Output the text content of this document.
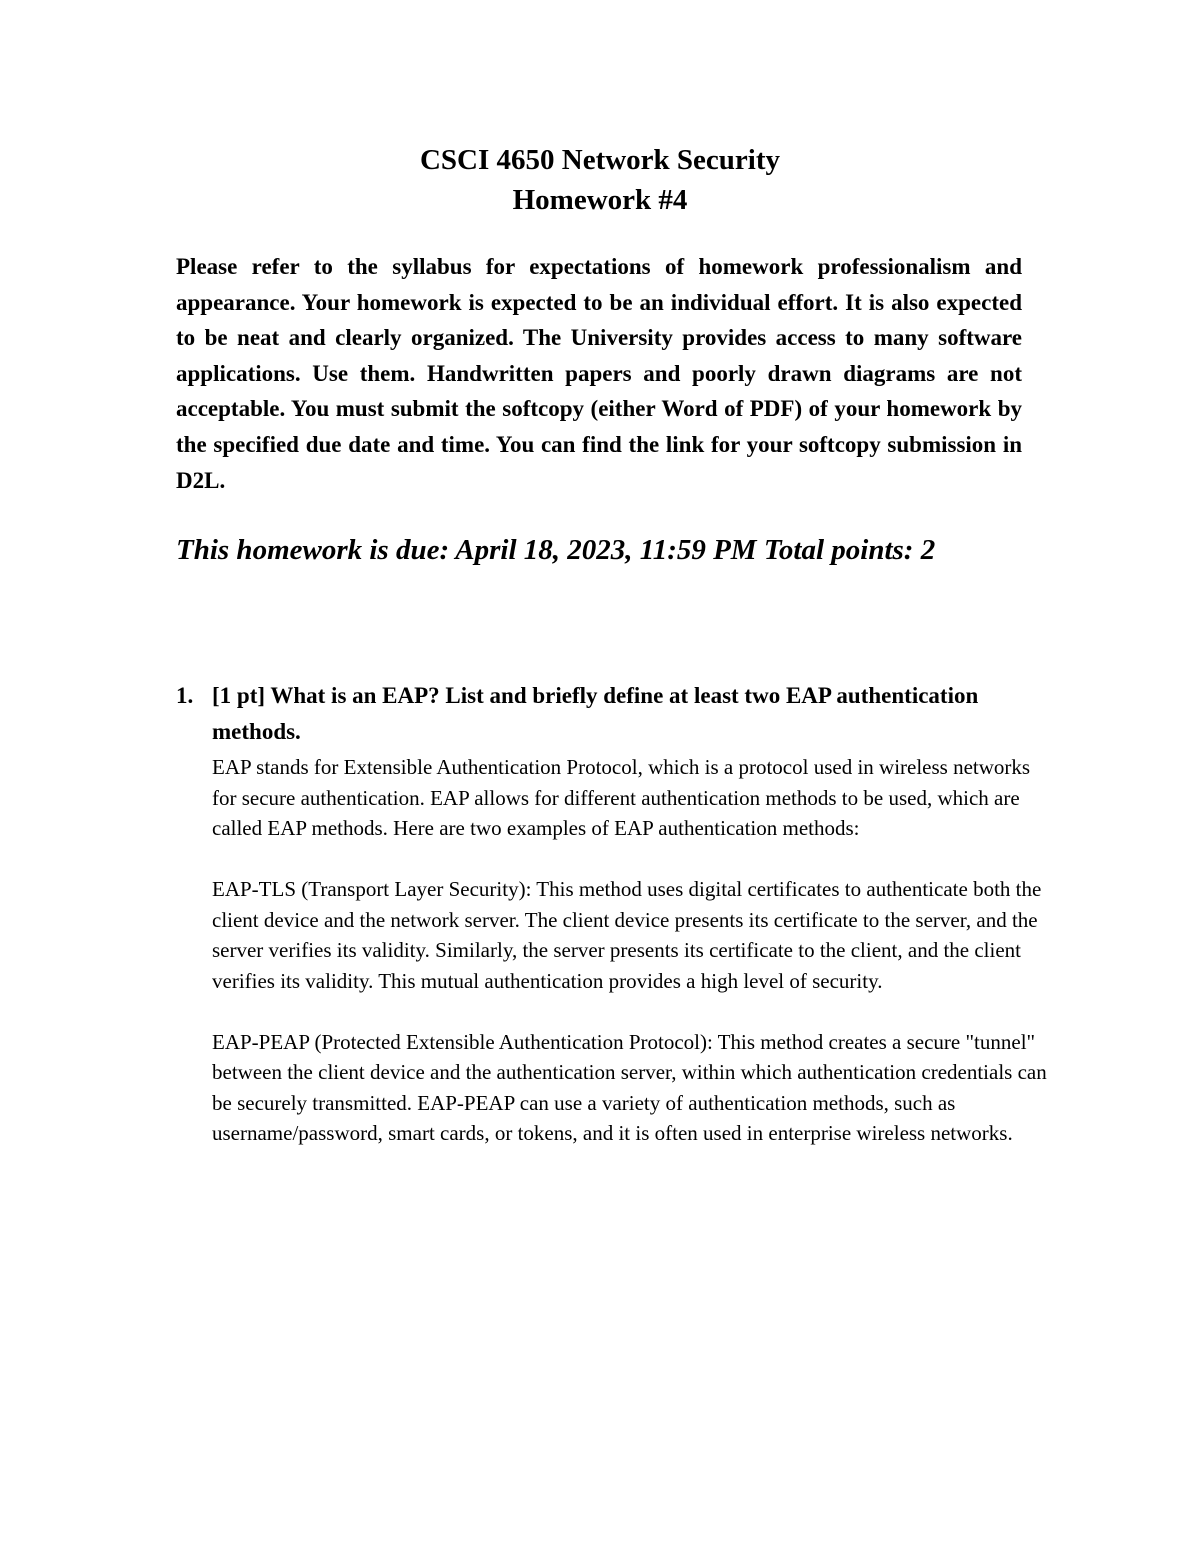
CSCI 4650 Network Security
Homework #4
Please refer to the syllabus for expectations of homework professionalism and appearance. Your homework is expected to be an individual effort. It is also expected to be neat and clearly organized. The University provides access to many software applications. Use them. Handwritten papers and poorly drawn diagrams are not acceptable. You must submit the softcopy (either Word of PDF) of your homework by the specified due date and time. You can find the link for your softcopy submission in D2L.
This homework is due: April 18, 2023, 11:59 PM Total points: 2
1. [1 pt] What is an EAP? List and briefly define at least two EAP authentication methods.

EAP stands for Extensible Authentication Protocol, which is a protocol used in wireless networks for secure authentication. EAP allows for different authentication methods to be used, which are called EAP methods. Here are two examples of EAP authentication methods:

EAP-TLS (Transport Layer Security): This method uses digital certificates to authenticate both the client device and the network server. The client device presents its certificate to the server, and the server verifies its validity. Similarly, the server presents its certificate to the client, and the client verifies its validity. This mutual authentication provides a high level of security.

EAP-PEAP (Protected Extensible Authentication Protocol): This method creates a secure "tunnel" between the client device and the authentication server, within which authentication credentials can be securely transmitted. EAP-PEAP can use a variety of authentication methods, such as username/password, smart cards, or tokens, and it is often used in enterprise wireless networks.
